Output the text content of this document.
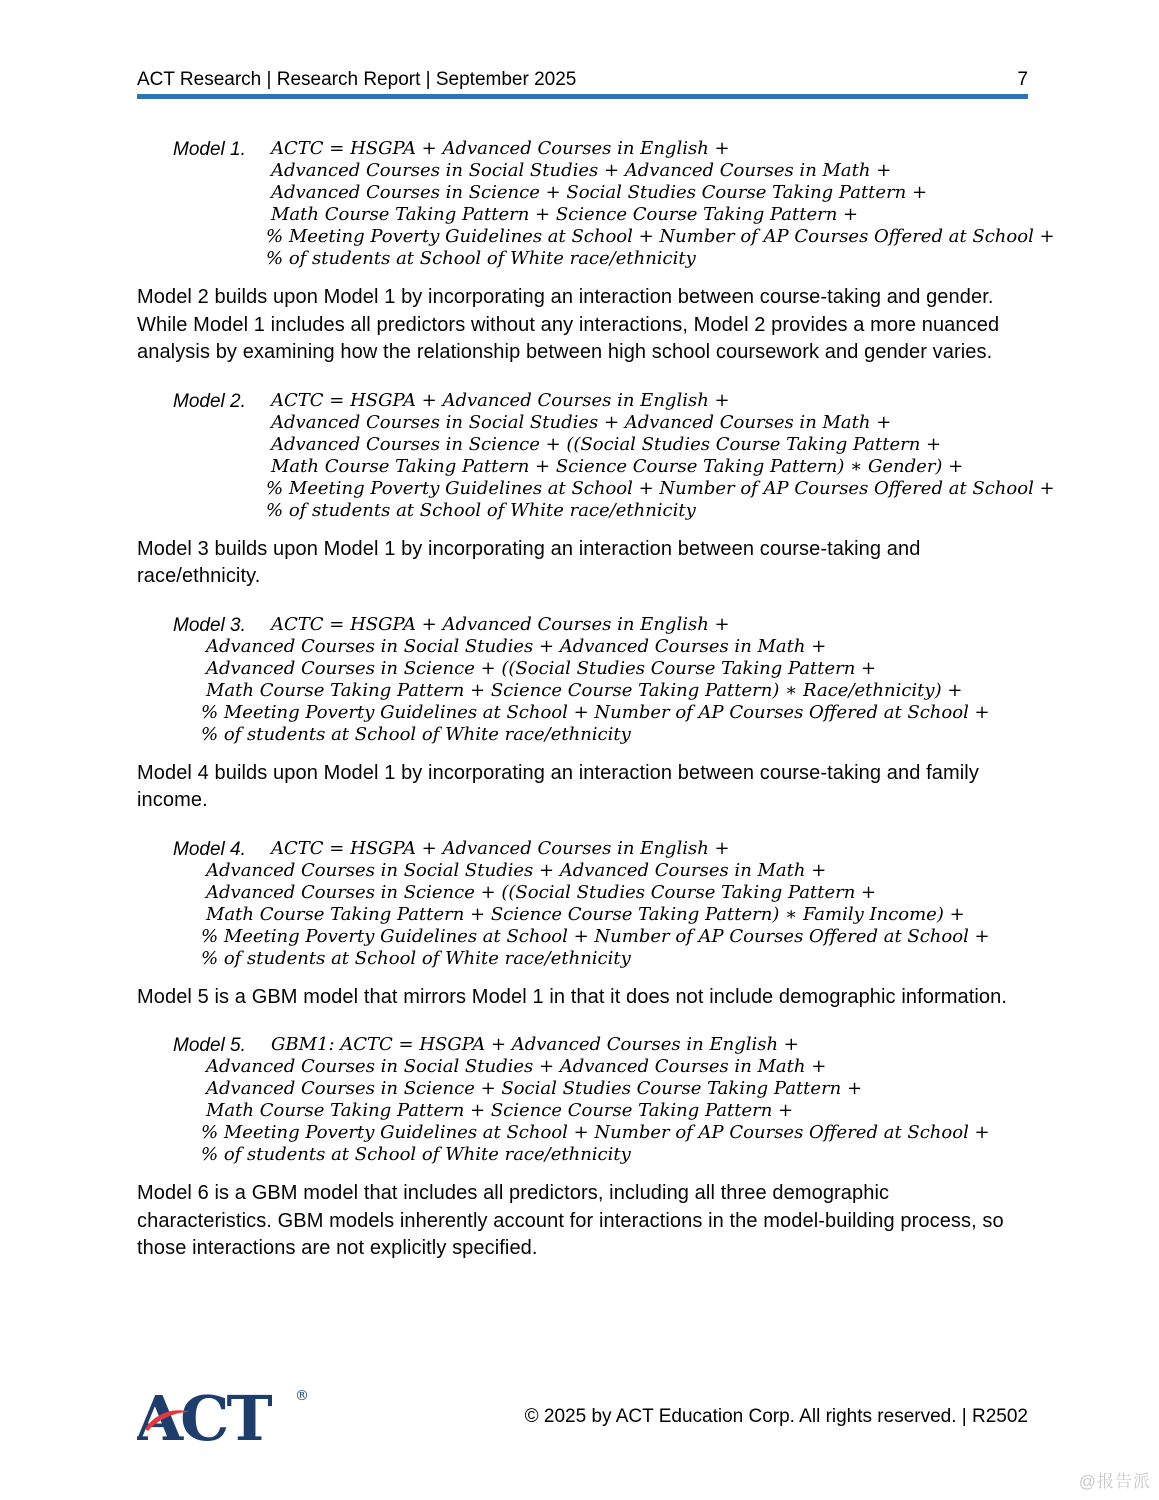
ACT Research | Research Report | September 2025	7
Model 1. ACTC = HSGPA + Advanced Courses in English +
Advanced Courses in Social Studies + Advanced Courses in Math +
Advanced Courses in Science + Social Studies Course Taking Pattern +
Math Course Taking Pattern + Science Course Taking Pattern +
% Meeting Poverty Guidelines at School + Number of AP Courses Offered at School +
% of students at School of White race/ethnicity

Model 2 builds upon Model 1 by incorporating an interaction between course-taking and gender. While Model 1 includes all predictors without any interactions, Model 2 provides a more nuanced analysis by examining how the relationship between high school coursework and gender varies.

Model 2. ACTC = HSGPA + Advanced Courses in English +
Advanced Courses in Social Studies + Advanced Courses in Math +
Advanced Courses in Science + ((Social Studies Course Taking Pattern +
Math Course Taking Pattern + Science Course Taking Pattern) ∗ Gender) +
% Meeting Poverty Guidelines at School + Number of AP Courses Offered at School +
% of students at School of White race/ethnicity

Model 3 builds upon Model 1 by incorporating an interaction between course-taking and race/ethnicity.

Model 3.	ACTC = HSGPA + Advanced Courses in English +
Advanced Courses in Social Studies + Advanced Courses in Math +
Advanced Courses in Science + ((Social Studies Course Taking Pattern +
Math Course Taking Pattern + Science Course Taking Pattern) ∗ Race/ethnicity) +
% Meeting Poverty Guidelines at School + Number of AP Courses Offered at School +
% of students at School of White race/ethnicity

Model 4 builds upon Model 1 by incorporating an interaction between course-taking and family income.

Model 4.	ACTC = HSGPA + Advanced Courses in English +
Advanced Courses in Social Studies + Advanced Courses in Math +
Advanced Courses in Science + ((Social Studies Course Taking Pattern +
Math Course Taking Pattern + Science Course Taking Pattern) ∗ Family Income) +
% Meeting Poverty Guidelines at School + Number of AP Courses Offered at School +
% of students at School of White race/ethnicity

Model 5 is a GBM model that mirrors Model 1 in that it does not include demographic information.

Model 5.	GBM1: ACTC = HSGPA + Advanced Courses in English +
Advanced Courses in Social Studies + Advanced Courses in Math +
Advanced Courses in Science + Social Studies Course Taking Pattern +
Math Course Taking Pattern + Science Course Taking Pattern +
% Meeting Poverty Guidelines at School + Number of AP Courses Offered at School +
% of students at School of White race/ethnicity

Model 6 is a GBM model that includes all predictors, including all three demographic characteristics. GBM models inherently account for interactions in the model-building process, so those interactions are not explicitly specified.

ACT ®
© 2025 by ACT Education Corp. All rights reserved. | R2502
@报告派
